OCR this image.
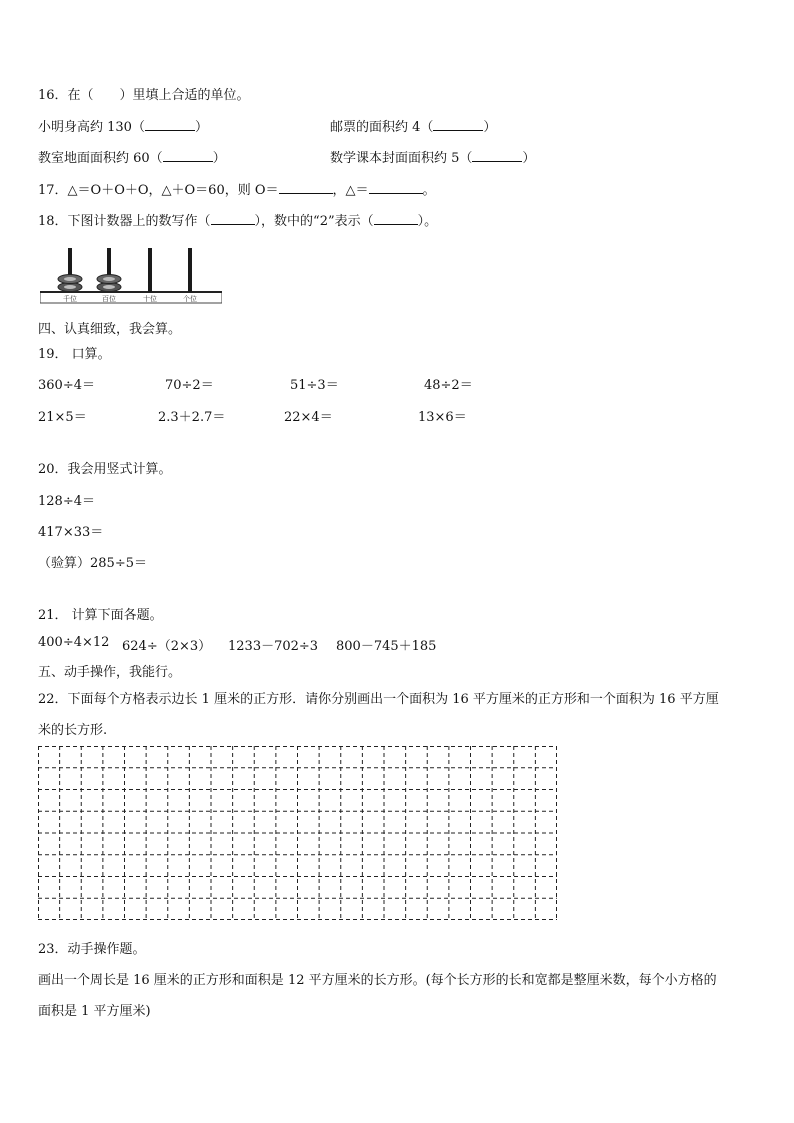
16．在（　　）里填上合适的单位。
小明身高约 130（	）	邮票的面积约 4（	）
教室地面面积约 60（	）	数学课本封面面积约 5（	）
17．△＝O＋O＋O，△＋O＝60，则 O＝	，△＝	。
18．下图计数器上的数写作（	），数中的“2”表示（	）。
千位	百位	十位	个位
四、认真细致，我会算。
19． 口算。
360÷4＝	70÷2＝	51÷3＝	48÷2＝
21×5＝	2.3＋2.7＝	22×4＝	13×6＝
20．我会用竖式计算。
128÷4＝
417×33＝
（验算）285÷5＝
21． 计算下面各题。
400÷4×12 624÷（2×3） 1233－702÷3 800－745＋185
五、动手操作，我能行。
22．下面每个方格表示边长 1 厘米的正方形．请你分别画出一个面积为 16 平方厘米的正方形和一个面积为 16 平方厘
米的长方形.
23．动手操作题。
画出一个周长是 16 厘米的正方形和面积是 12 平方厘米的长方形。(每个长方形的长和宽都是整厘米数，每个小方格的
面积是 1 平方厘米)
